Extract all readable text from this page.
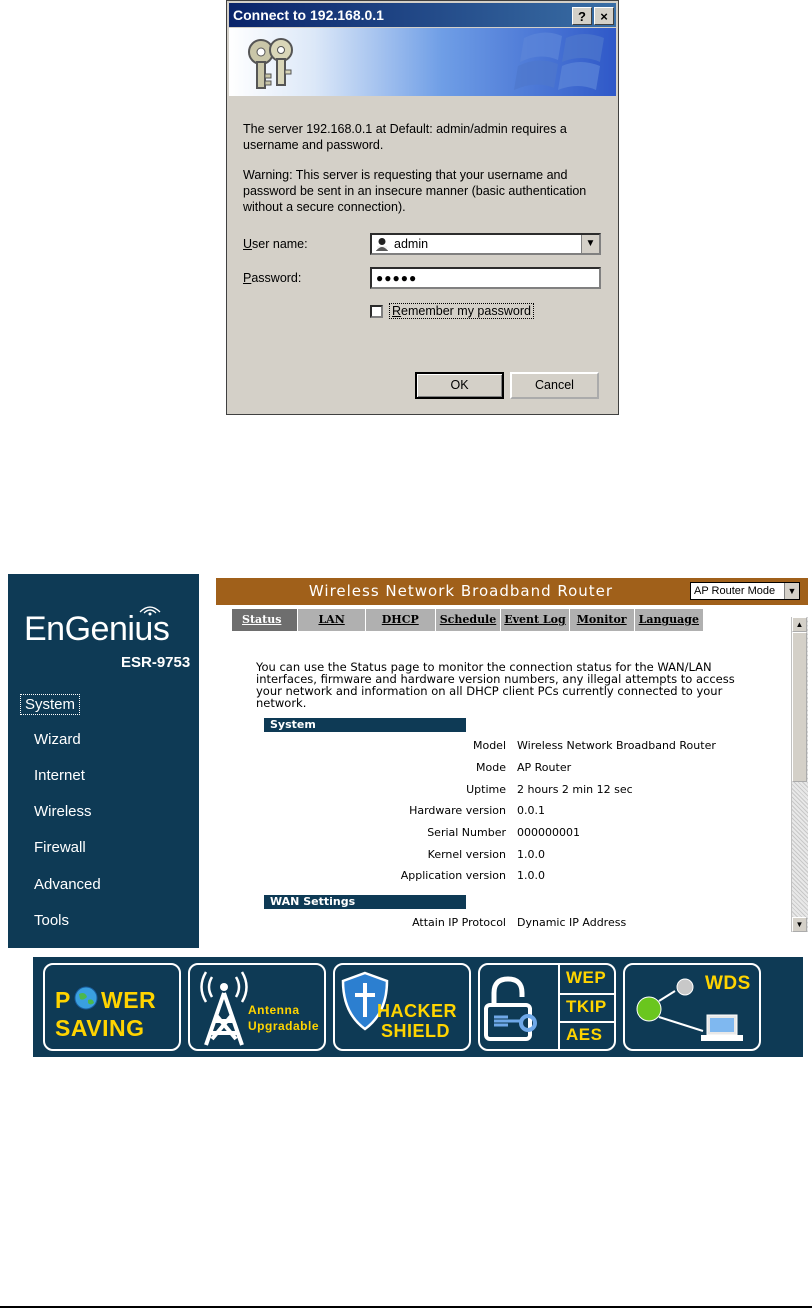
Connect to 192.168.0.1	?	×
The server 192.168.0.1 at Default: admin/admin requires a username and password.
Warning: This server is requesting that your username and password be sent in an insecure manner (basic authentication without a secure connection).
User name:	admin	▼
Password:	●●●●●
Remember my password
OK	Cancel
EnGenius
ESR-9753
System
Wizard
Internet
Wireless
Firewall
Advanced
Tools
Wireless Network Broadband Router	AP Router Mode	▼
Status	LAN	DHCP	Schedule Event Log	Monitor	Language	▲
▼
You can use the Status page to monitor the connection status for the WAN/LAN interfaces, firmware and hardware version numbers, any illegal attempts to access your network and information on all DHCP client PCs currently connected to your network.
System
Model Wireless Network Broadband Router
Mode AP Router
Uptime 2 hours 2 min 12 sec
Hardware version 0.0.1
Serial Number 000000001
Kernel version 1.0.0
Application version 1.0.0
WAN Settings
Attain IP Protocol Dynamic IP Address
P WER
SAVING
Antenna
Upgradable
HACKER
SHIELD
WEP
TKIP
AES
WDS
